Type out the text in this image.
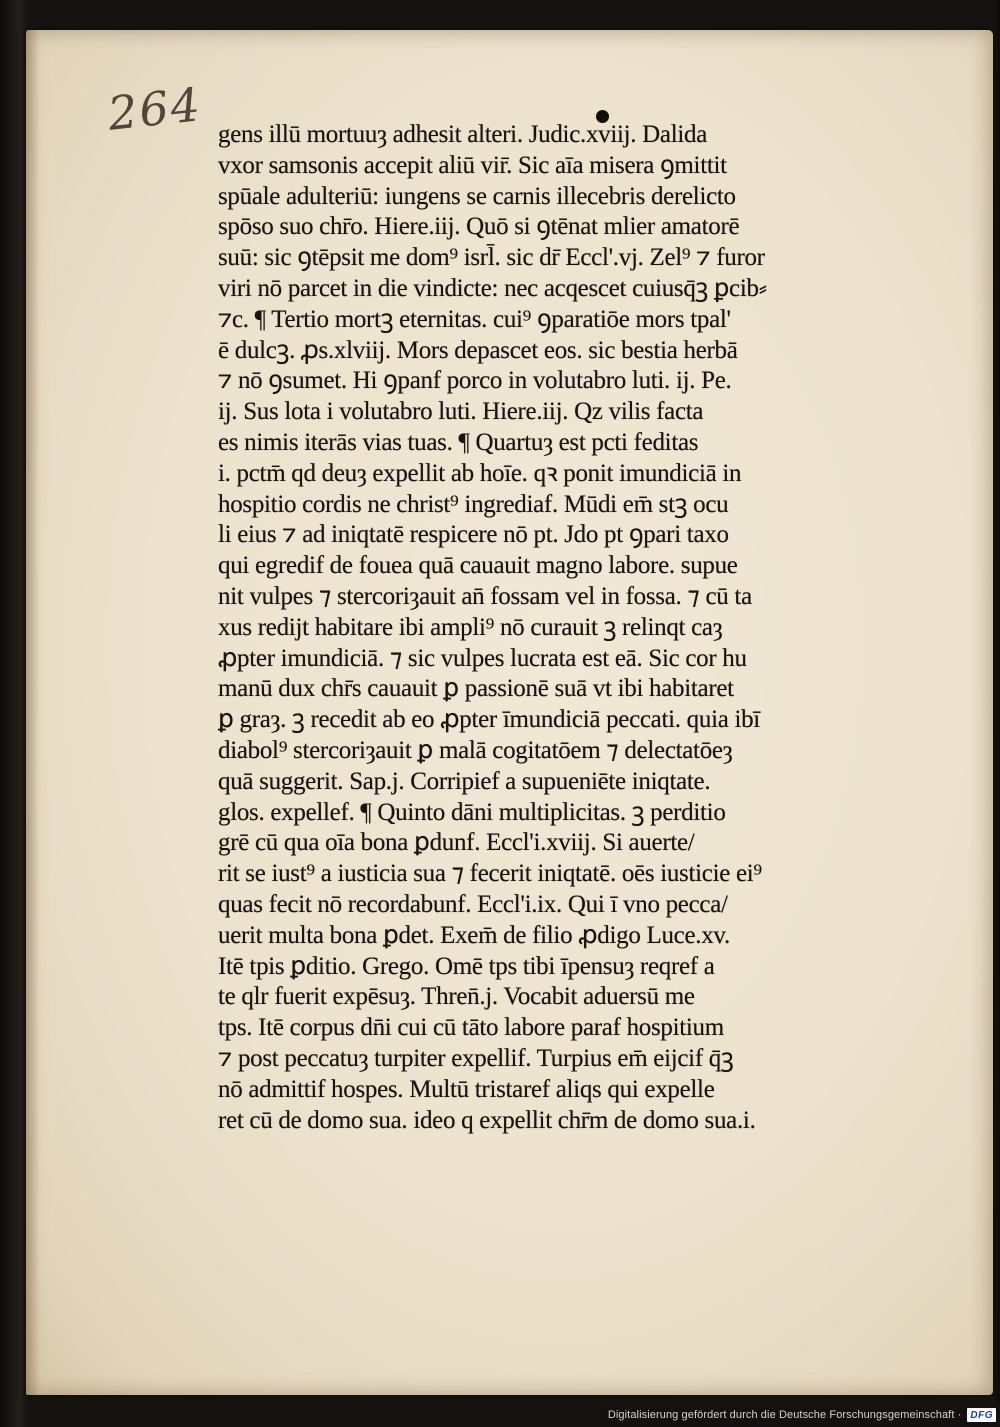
264 gens illū mortuuȝ adhesit alteri. Judic.xviij. Dalida
vxor samsonis accepit aliū vir̄. Sic aīa misera ꝯmittit
spūale adulteriū: iungens se carnis illecebris derelicto
spōso suo chr̄o. Hiere.iij. Quō si ꝯtēnat mlier amatorē
suū: sic ꝯtēpsit me dom⁹ isrl̄. sic dr̄ Eccl'.vj. Zel⁹ ⁊ furor
viri nō parcet in die vindicte: nec acqescet cuiusq̄ꝫ ꝑcib⸗
⁊c. ¶ Tertio mortꝫ eternitas. cui⁹ ꝯparatiōe mors tpal'
ē dulcꝫ. ꝓs.xlviij. Mors depascet eos. sic bestia herbā
⁊ nō ꝯsumet. Hi ꝯpanf porco in volutabro luti. ij. Pe.
ij. Sus lota i volutabro luti. Hiere.iij. Qz vilis facta
es nimis iterās vias tuas. ¶ Quartuȝ est pcti feditas
i. pctm̄ qd deuȝ expellit ab hoīe. qꝛ ponit imundiciā in
hospitio cordis ne christ⁹ ingrediaf. Mūdi em̄ stꝫ ocu
li eius ⁊ ad iniqtatē respicere nō pt. Jdo pt ꝯpari taxo
qui egredif de fouea quā cauauit magno labore. supue
nit vulpes ⁊ stercoriȝauit an̄ fossam vel in fossa. ⁊ cū ta
xus redijt habitare ibi ampli⁹ nō curauit ꝫ relinqt caȝ
ꝓpter imundiciā. ⁊ sic vulpes lucrata est eā. Sic cor hu
manū dux chr̄s cauauit ꝑ passionē suā vt ibi habitaret
ꝑ graȝ. ꝫ recedit ab eo ꝓpter īmundiciā peccati. quia ibī
diabol⁹ stercoriȝauit ꝑ malā cogitatōem ⁊ delectatōeȝ
quā suggerit. Sap.j. Corripief a supueniēte iniqtate.
glos. expellef. ¶ Quinto dāni multiplicitas. ꝫ perditio
grē cū qua oīa bona ꝑdunf. Eccl'i.xviij. Si auerte/
rit se iust⁹ a iusticia sua ⁊ fecerit iniqtatē. oēs iusticie ei⁹
quas fecit nō recordabunf. Eccl'i.ix. Qui ī vno pecca/
uerit multa bona ꝑdet. Exem̄ de filio ꝓdigo Luce.xv.
Itē tpis ꝑditio. Grego. Omē tps tibi īpensuȝ reqref a
te qlr fuerit expēsuȝ. Thren̄.j. Vocabit aduersū me
tps. Itē corpus dn̄i cui cū tāto labore paraf hospitium
⁊ post peccatuȝ turpiter expellif. Turpius em̄ eijcif q̄ꝫ
nō admittif hospes. Multū tristaref aliqs qui expelle
ret cū de domo sua. ideo q expellit chr̄m de domo sua.i.
Digitalisierung gefördert durch die Deutsche Forschungsgemeinschaft · DFG
